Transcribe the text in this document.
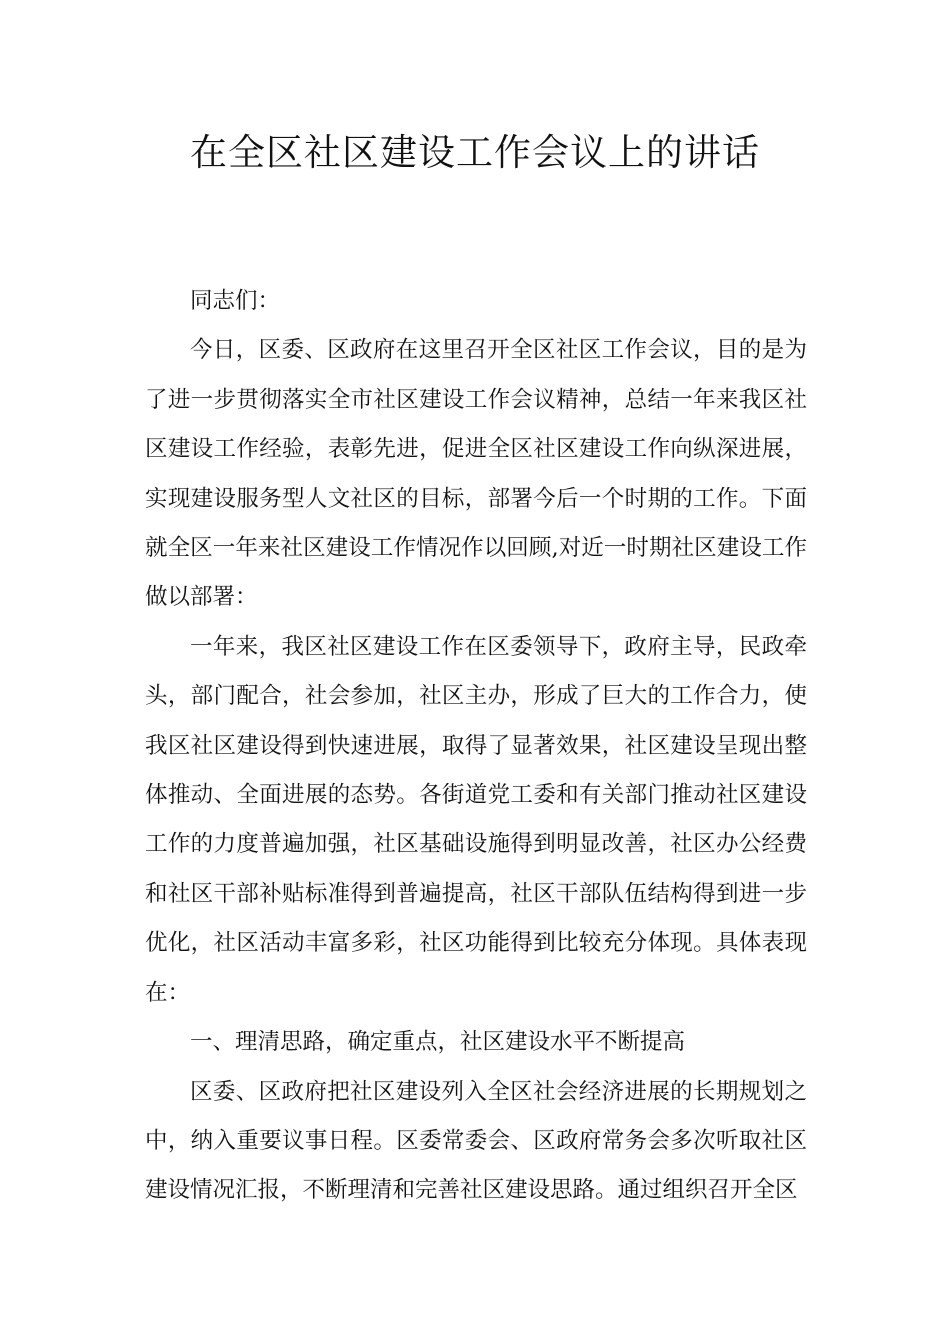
在全区社区建设工作会议上的讲话

同志们：

今日，区委、区政府在这里召开全区社区工作会议，目的是为了进一步贯彻落实全市社区建设工作会议精神，总结一年来我区社区建设工作经验，表彰先进，促进全区社区建设工作向纵深进展，实现建设服务型人文社区的目标，部署今后一个时期的工作。下面就全区一年来社区建设工作情况作以回顾,对近一时期社区建设工作做以部署：

一年来，我区社区建设工作在区委领导下，政府主导，民政牵头，部门配合，社会参加，社区主办，形成了巨大的工作合力，使我区社区建设得到快速进展，取得了显著效果，社区建设呈现出整体推动、全面进展的态势。各街道党工委和有关部门推动社区建设工作的力度普遍加强，社区基础设施得到明显改善，社区办公经费和社区干部补贴标准得到普遍提高，社区干部队伍结构得到进一步优化，社区活动丰富多彩，社区功能得到比较充分体现。具体表现在：

一、理清思路，确定重点，社区建设水平不断提高

区委、区政府把社区建设列入全区社会经济进展的长期规划之中，纳入重要议事日程。区委常委会、区政府常务会多次听取社区建设情况汇报，不断理清和完善社区建设思路。通过组织召开全区
